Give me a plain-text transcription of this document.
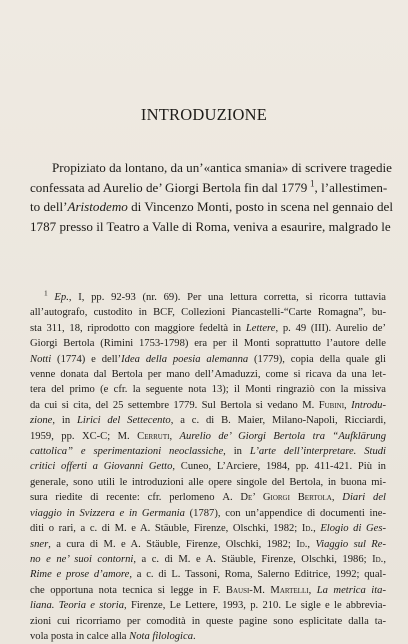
INTRODUZIONE
Propiziato da lontano, da un’«antica smania» di scrivere tragedie
confessata ad Aurelio de’ Giorgi Bertola fin dal 1779  $^1$, l’allestimen-
to dell’Aristodemo di Vincenzo Monti, posto in scena nel gennaio del
1787 presso il Teatro a Valle di Roma, veniva a esaurire, malgrado le
$^1$ Ep., I, pp. 92-93 (nr. 69). Per una lettura corretta, si ricorra tuttavia
all’autografo, custodito in BCF, Collezioni Piancastelli-“Carte Romagna”, bu-
sta 311, 18, riprodotto con maggiore fedeltà in Lettere, p. 49 (III). Aurelio de’
Giorgi Bertola (Rimini 1753-1798) era per il Monti soprattutto l’autore delle
Notti (1774) e dell’Idea della poesia alemanna (1779), copia della quale gli
venne donata dal Bertola per mano dell’Amaduzzi, come si ricava da una let-
tera del primo (e cfr. la seguente nota 13); il Monti ringraziò con la missiva
da cui si cita, del 25 settembre 1779. Sul Bertola si vedano M. Fubini, Introdu-
zione, in Lirici del Settecento, a c. di B. Maier, Milano-Napoli, Ricciardi,
1959, pp. XC-C; M. Cerruti, Aurelio de’ Giorgi Bertola tra “Aufklärung
cattolica” e sperimentazioni neoclassiche, in L’arte dell’interpretare. Studi
critici offerti a Giovanni Getto, Cuneo, L’Arciere, 1984, pp. 411-421. Più in
generale, sono utili le introduzioni alle opere singole del Bertola, in buona mi-
sura riedite di recente: cfr. perlomeno A. De’ Giorgi Bertola, Diari del
viaggio in Svizzera e in Germania (1787), con un’appendice di documenti ine-
diti o rari, a c. di M. e A. Stäuble, Firenze, Olschki, 1982; Id., Elogio di Ges-
sner, a cura di M. e A. Stäuble, Firenze, Olschki, 1982; Id., Viaggio sul Re-
no e ne’ suoi contorni, a c. di M. e A. Stäuble, Firenze, Olschki, 1986; Id.,
Rime e prose d’amore, a c. di L. Tassoni, Roma, Salerno Editrice, 1992; qual-
che opportuna nota tecnica si legge in F. Bausi-M. Martelli, La metrica ita-
liana. Teoria e storia, Firenze, Le Lettere, 1993, p. 210. Le sigle e le abbrevia-
zioni cui ricorriamo per comodità in queste pagine sono esplicitate dalla ta-
vola posta in calce alla Nota filologica.
